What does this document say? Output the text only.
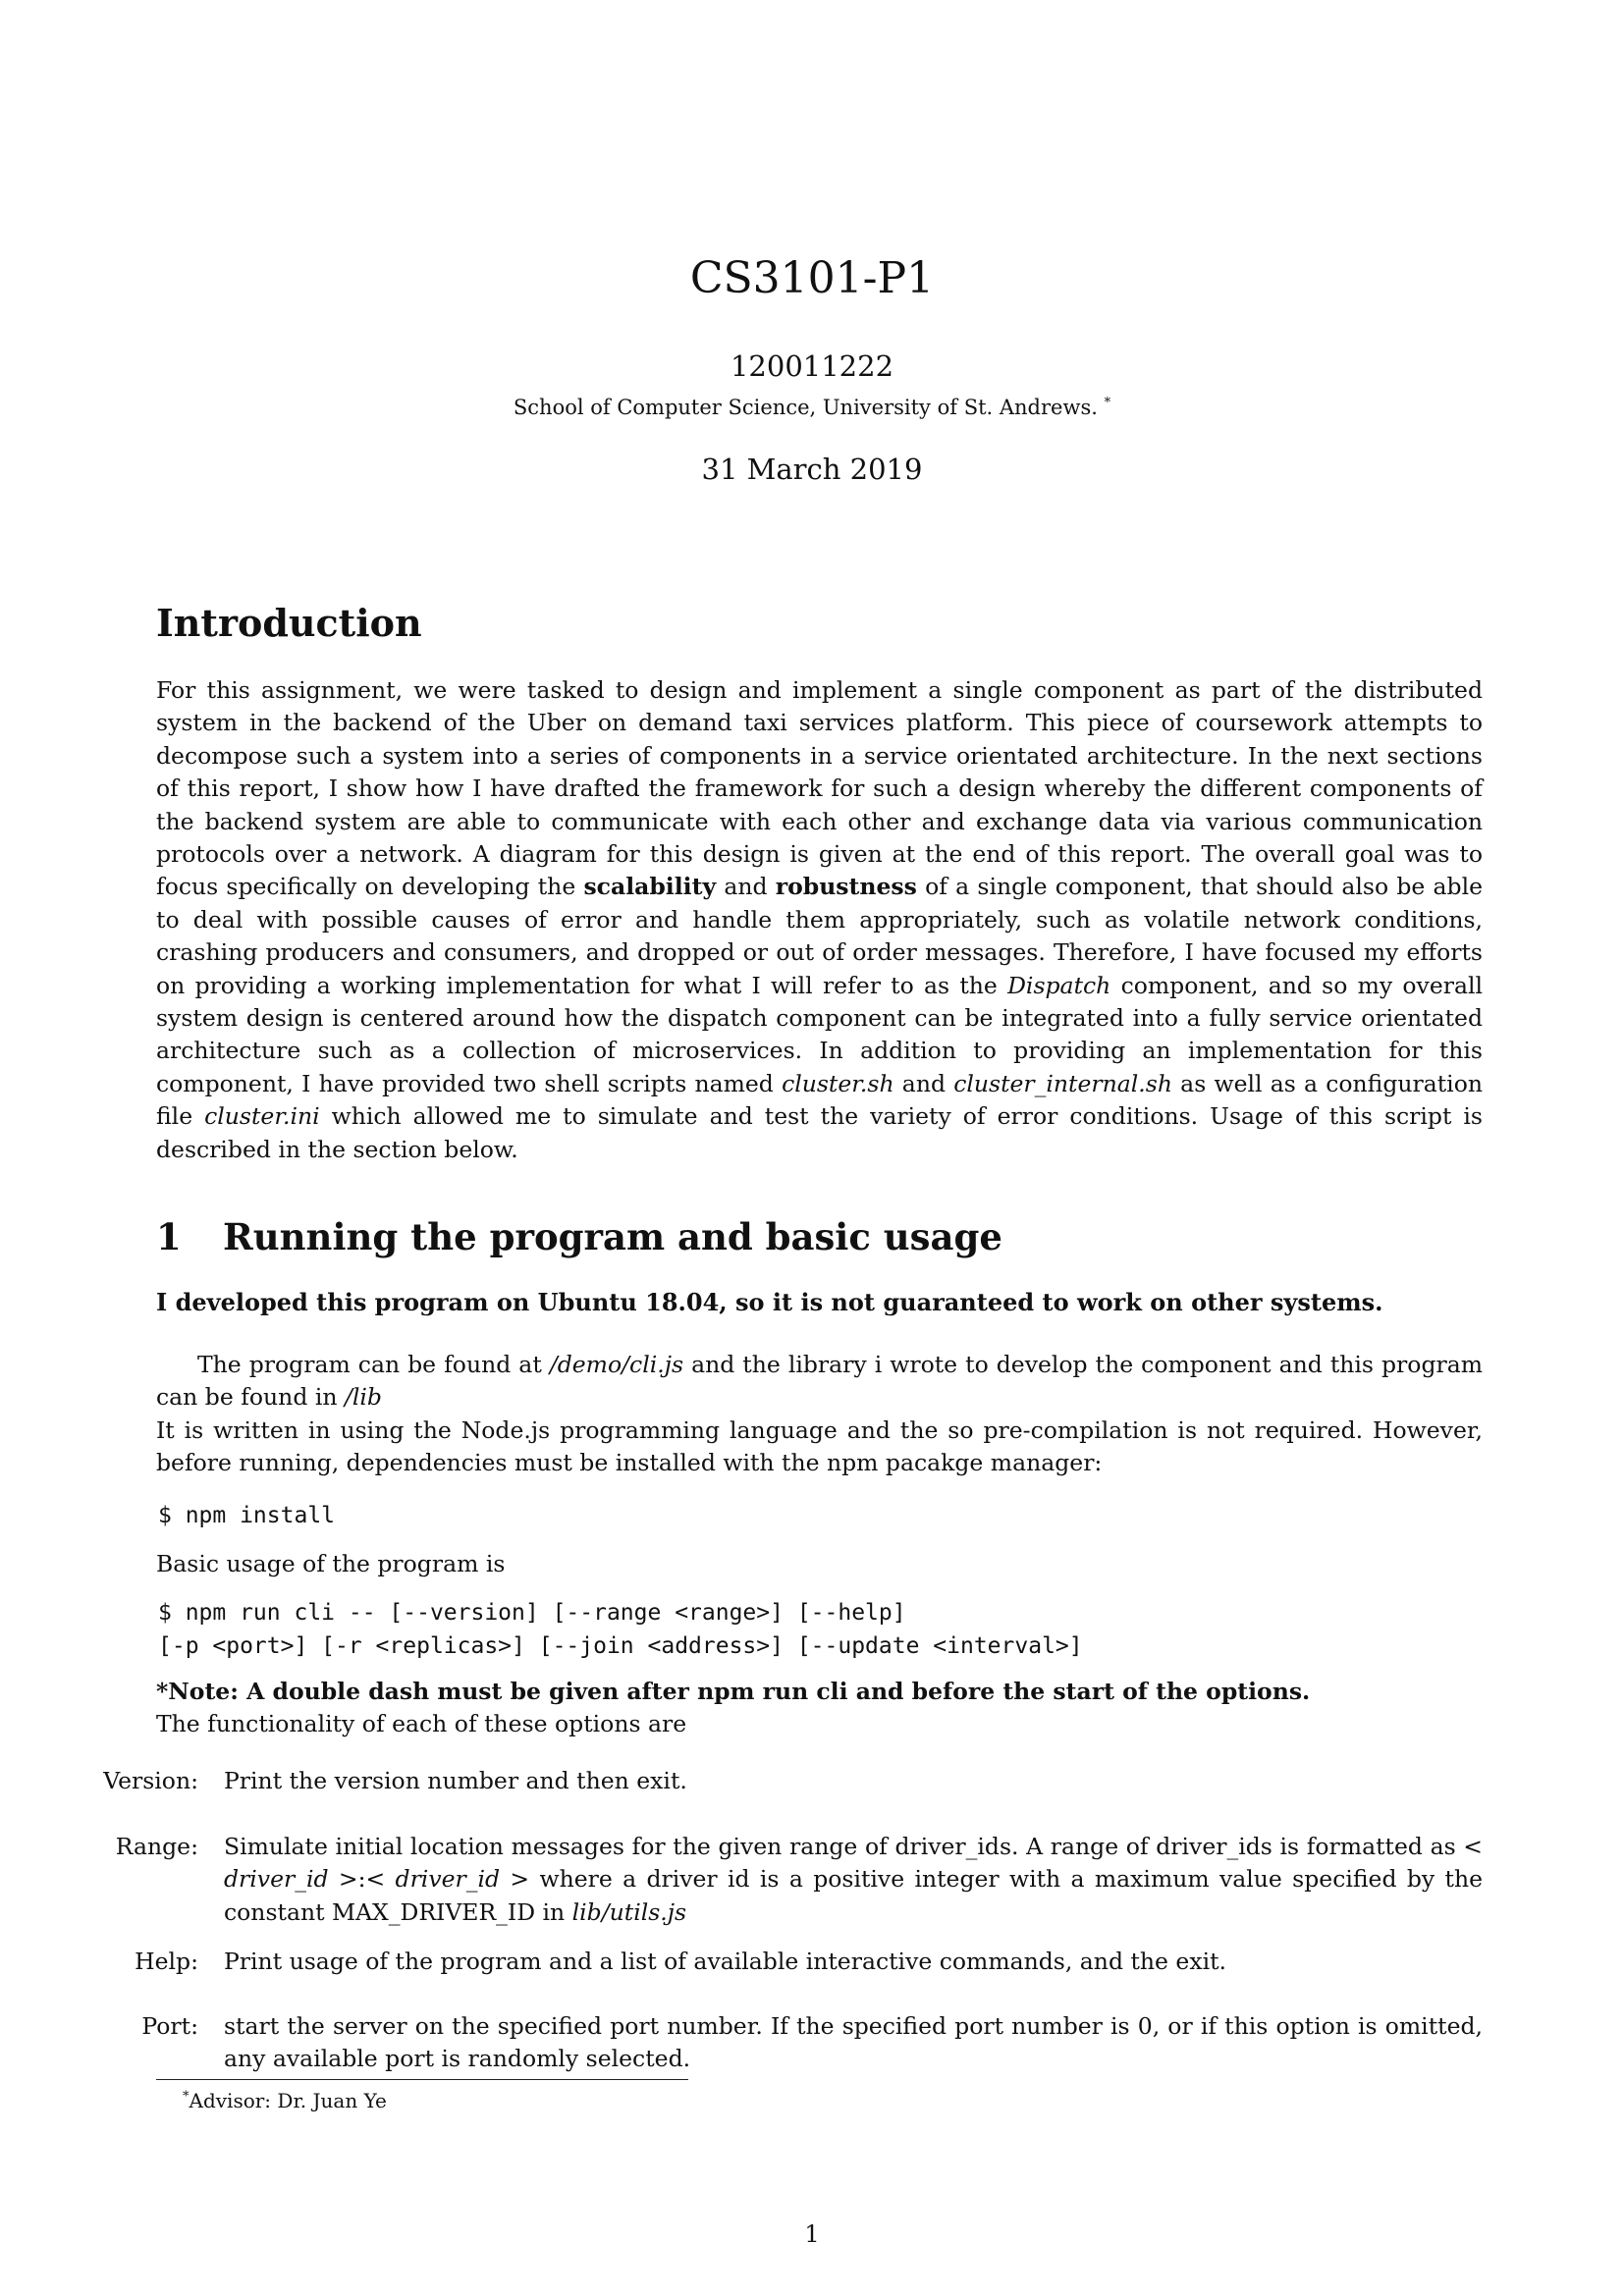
CS3101-P1
120011222
School of Computer Science, University of St. Andrews. *
31 March 2019
Introduction
For this assignment, we were tasked to design and implement a single component as part of the distributed system in the backend of the Uber on demand taxi services platform. This piece of coursework attempts to decompose such a system into a series of components in a service orientated architecture. In the next sections of this report, I show how I have drafted the framework for such a design whereby the different components of the backend system are able to communicate with each other and exchange data via various communication protocols over a network. A diagram for this design is given at the end of this report. The overall goal was to focus specifically on developing the scalability and robustness of a single component, that should also be able to deal with possible causes of error and handle them appropriately, such as volatile network conditions, crashing producers and consumers, and dropped or out of order messages. Therefore, I have focused my efforts on providing a working implementation for what I will refer to as the Dispatch component, and so my overall system design is centered around how the dispatch component can be integrated into a fully service orientated architecture such as a collection of microservices. In addition to providing an implementation for this component, I have provided two shell scripts named cluster.sh and cluster_internal.sh as well as a configuration file cluster.ini which allowed me to simulate and test the variety of error conditions. Usage of this script is described in the section below.
1 Running the program and basic usage
I developed this program on Ubuntu 18.04, so it is not guaranteed to work on other systems.
The program can be found at /demo/cli.js and the library i wrote to develop the component and this program can be found in /lib
It is written in using the Node.js programming language and the so pre-compilation is not required. However, before running, dependencies must be installed with the npm pacakge manager:
$ npm install
Basic usage of the program is
$ npm run cli -- [--version] [--range <range>] [--help]
[-p <port>] [-r <replicas>] [--join <address>] [--update <interval>]
*Note: A double dash must be given after npm run cli and before the start of the options.
The functionality of each of these options are
Version: Print the version number and then exit.
Range: Simulate initial location messages for the given range of driver_ids. A range of driver_ids is formatted as < driver_id >:< driver_id > where a driver id is a positive integer with a maximum value specified by the constant MAX_DRIVER_ID in lib/utils.js
Help: Print usage of the program and a list of available interactive commands, and the exit.
Port: start the server on the specified port number. If the specified port number is 0, or if this option is omitted, any available port is randomly selected.
*Advisor: Dr. Juan Ye
1
